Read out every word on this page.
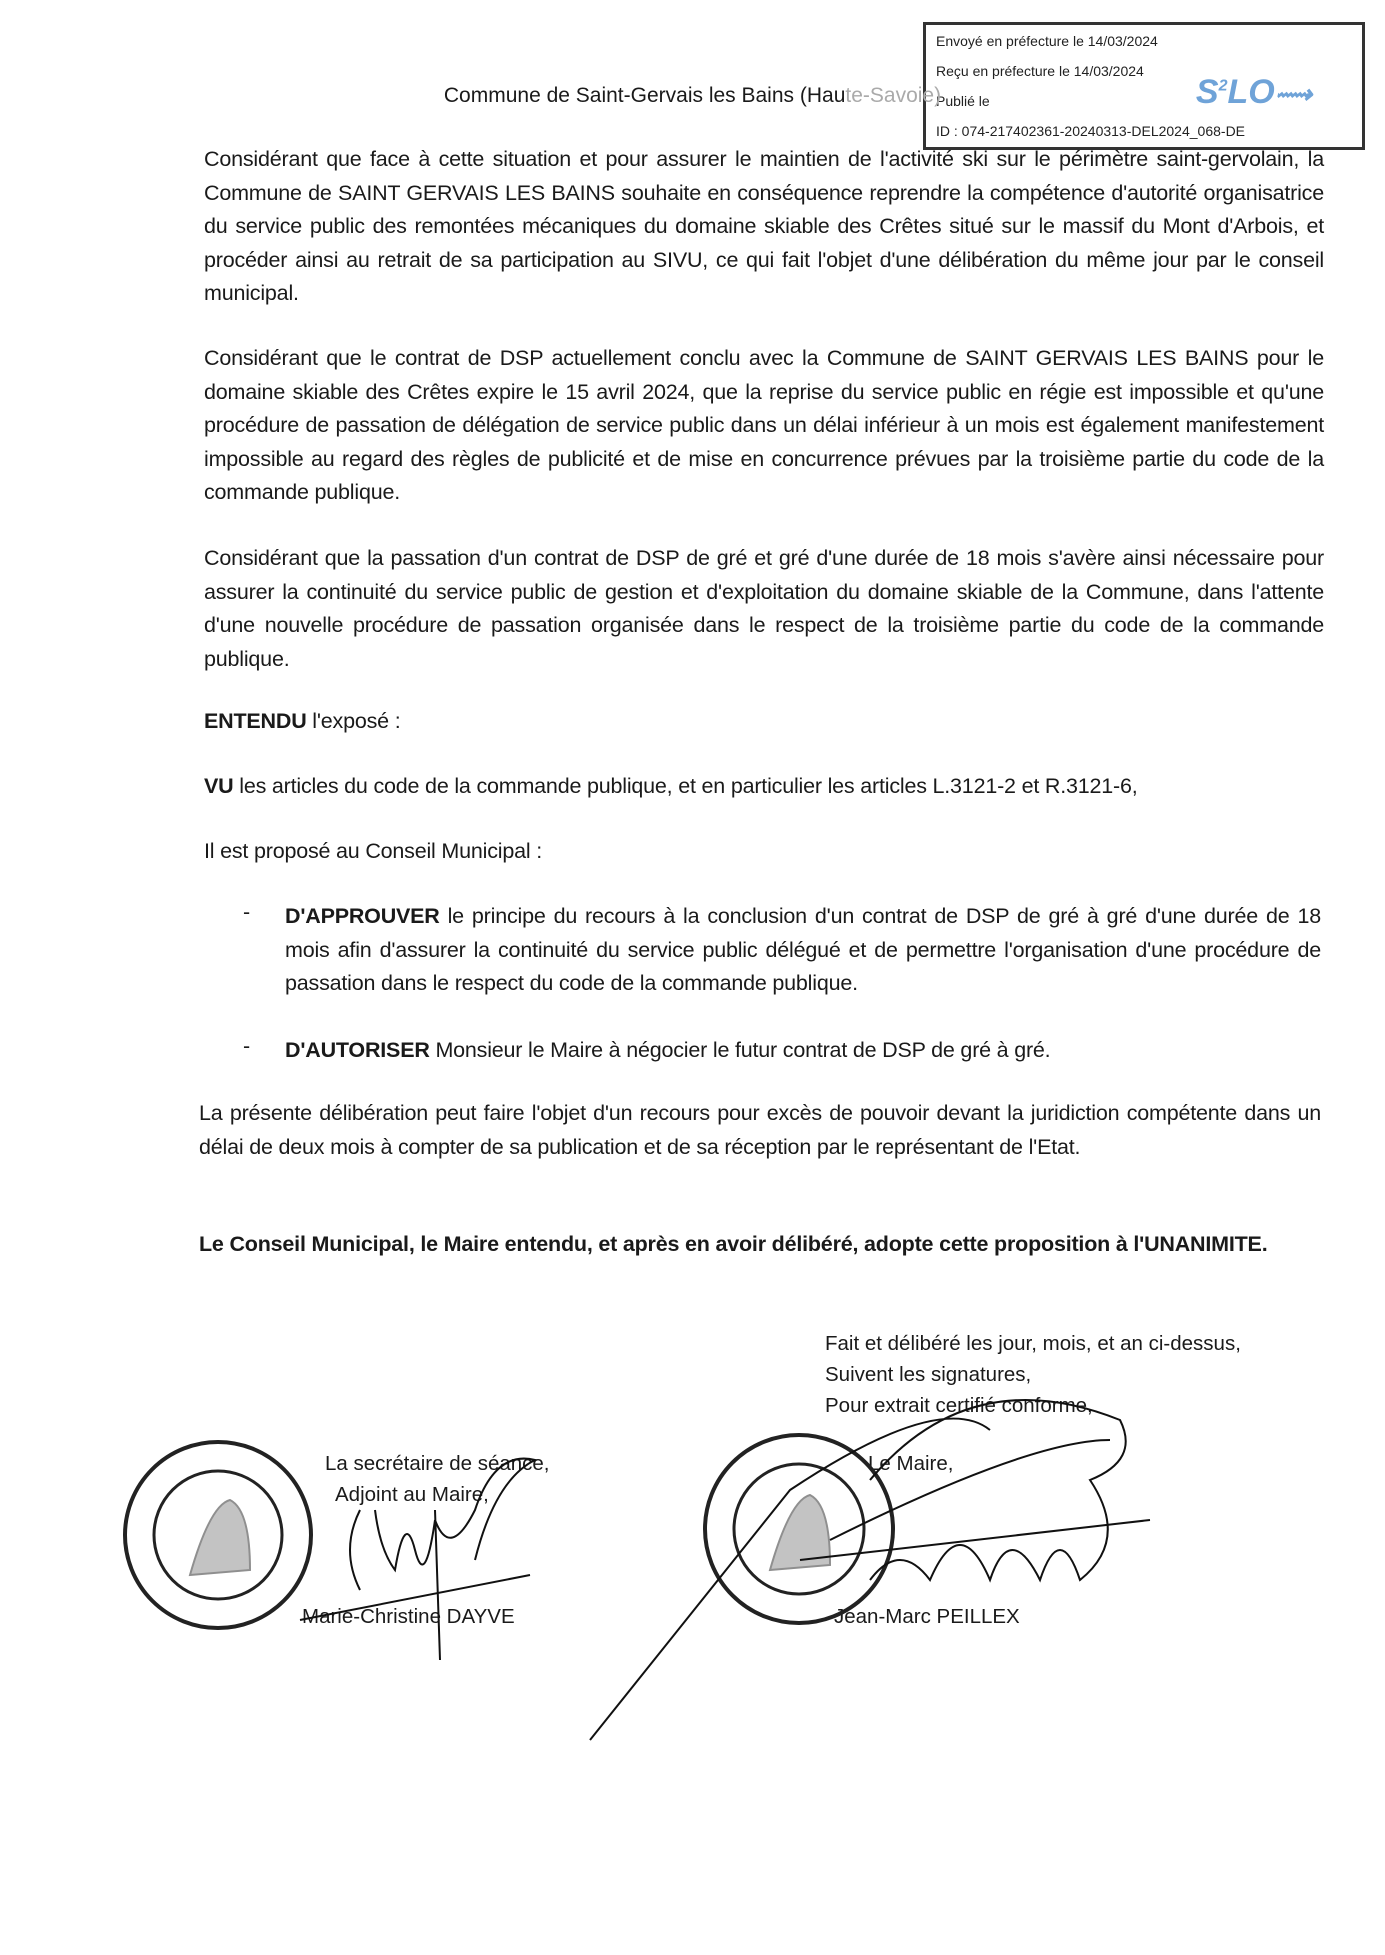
Envoyé en préfecture le 14/03/2024
Reçu en préfecture le 14/03/2024
Publié le
ID : 074-217402361-20240313-DEL2024_068-DE
$S^2LO⟿$
Commune de Saint-Gervais les Bains (Haute-Savoie)
Considérant que face à cette situation et pour assurer le maintien de l'activité ski sur le périmètre saint-gervolain, la Commune de SAINT GERVAIS LES BAINS souhaite en conséquence reprendre la compétence d'autorité organisatrice du service public des remontées mécaniques du domaine skiable des Crêtes situé sur le massif du Mont d'Arbois, et procéder ainsi au retrait de sa participation au SIVU, ce qui fait l'objet d'une délibération du même jour par le conseil municipal.
Considérant que le contrat de DSP actuellement conclu avec la Commune de SAINT GERVAIS LES BAINS pour le domaine skiable des Crêtes expire le 15 avril 2024, que la reprise du service public en régie est impossible et qu'une procédure de passation de délégation de service public dans un délai inférieur à un mois est également manifestement impossible au regard des règles de publicité et de mise en concurrence prévues par la troisième partie du code de la commande publique.
Considérant que la passation d'un contrat de DSP de gré et gré d'une durée de 18 mois s'avère ainsi nécessaire pour assurer la continuité du service public de gestion et d'exploitation du domaine skiable de la Commune, dans l'attente d'une nouvelle procédure de passation organisée dans le respect de la troisième partie du code de la commande publique.
ENTENDU l'exposé :
VU les articles du code de la commande publique, et en particulier les articles L.3121-2 et R.3121-6,
Il est proposé au Conseil Municipal :
- D'APPROUVER le principe du recours à la conclusion d'un contrat de DSP de gré à gré d'une durée de 18 mois afin d'assurer la continuité du service public délégué et de permettre l'organisation d'une procédure de passation dans le respect du code de la commande publique.
- D'AUTORISER Monsieur le Maire à négocier le futur contrat de DSP de gré à gré.
La présente délibération peut faire l'objet d'un recours pour excès de pouvoir devant la juridiction compétente dans un délai de deux mois à compter de sa publication et de sa réception par le représentant de l'Etat.
Le Conseil Municipal, le Maire entendu, et après en avoir délibéré, adopte cette proposition à l'UNANIMITE.
Fait et délibéré les jour, mois, et an ci-dessus,
Suivent les signatures,
Pour extrait certifié conforme,
La secrétaire de séance,
Adjoint au Maire,
Marie-Christine DAYVE
Le Maire,
Jean-Marc PEILLEX
